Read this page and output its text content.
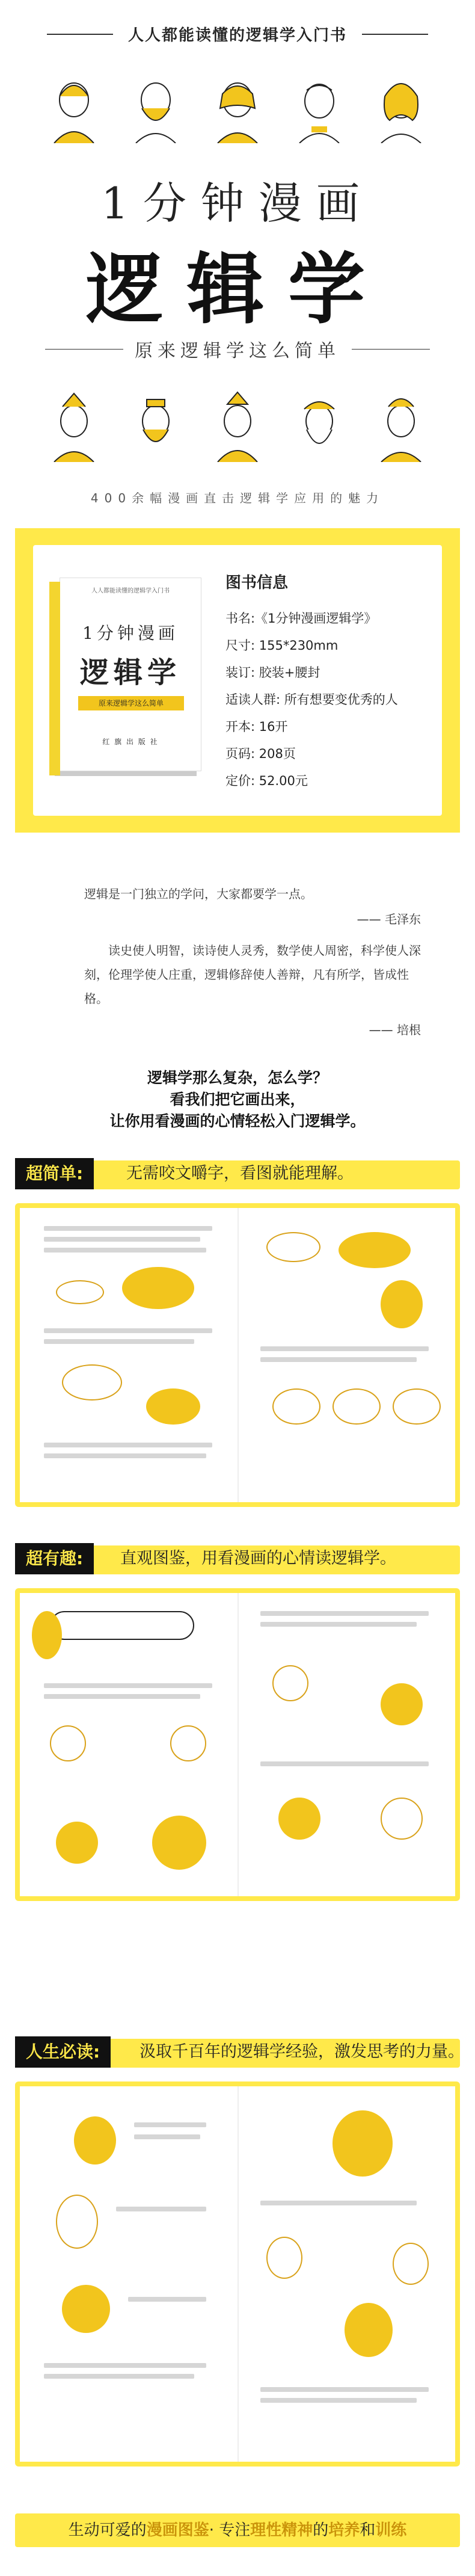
人人都能读懂的逻辑学入门书
1分钟漫画
逻辑学
原来逻辑学这么简单
400余幅漫画直击逻辑学应用的魅力
人人都能读懂的逻辑学入门书
1分钟漫画
逻辑学
原来逻辑学这么简单
红 旗 出 版 社
图书信息
书名:《1分钟漫画逻辑学》
尺寸: 155*230mm
装订: 胶装+腰封
适读人群: 所有想要变优秀的人
开本: 16开
页码: 208页
定价: 52.00元
逻辑是一门独立的学问，大家都要学一点。
—— 毛泽东
读史使人明智，读诗使人灵秀，数学使人周密，科学使人深刻，伦理学使人庄重，逻辑修辞使人善辩，凡有所学，皆成性格。
—— 培根
逻辑学那么复杂，怎么学？
看我们把它画出来，
让你用看漫画的心情轻松入门逻辑学。
超简单:	无需咬文嚼字，看图就能理解。
超有趣:	直观图鉴，用看漫画的心情读逻辑学。
人生必读:	汲取千百年的逻辑学经验，激发思考的力量。
生动可爱的漫画图鉴· 专注理性精神的培养和训练
